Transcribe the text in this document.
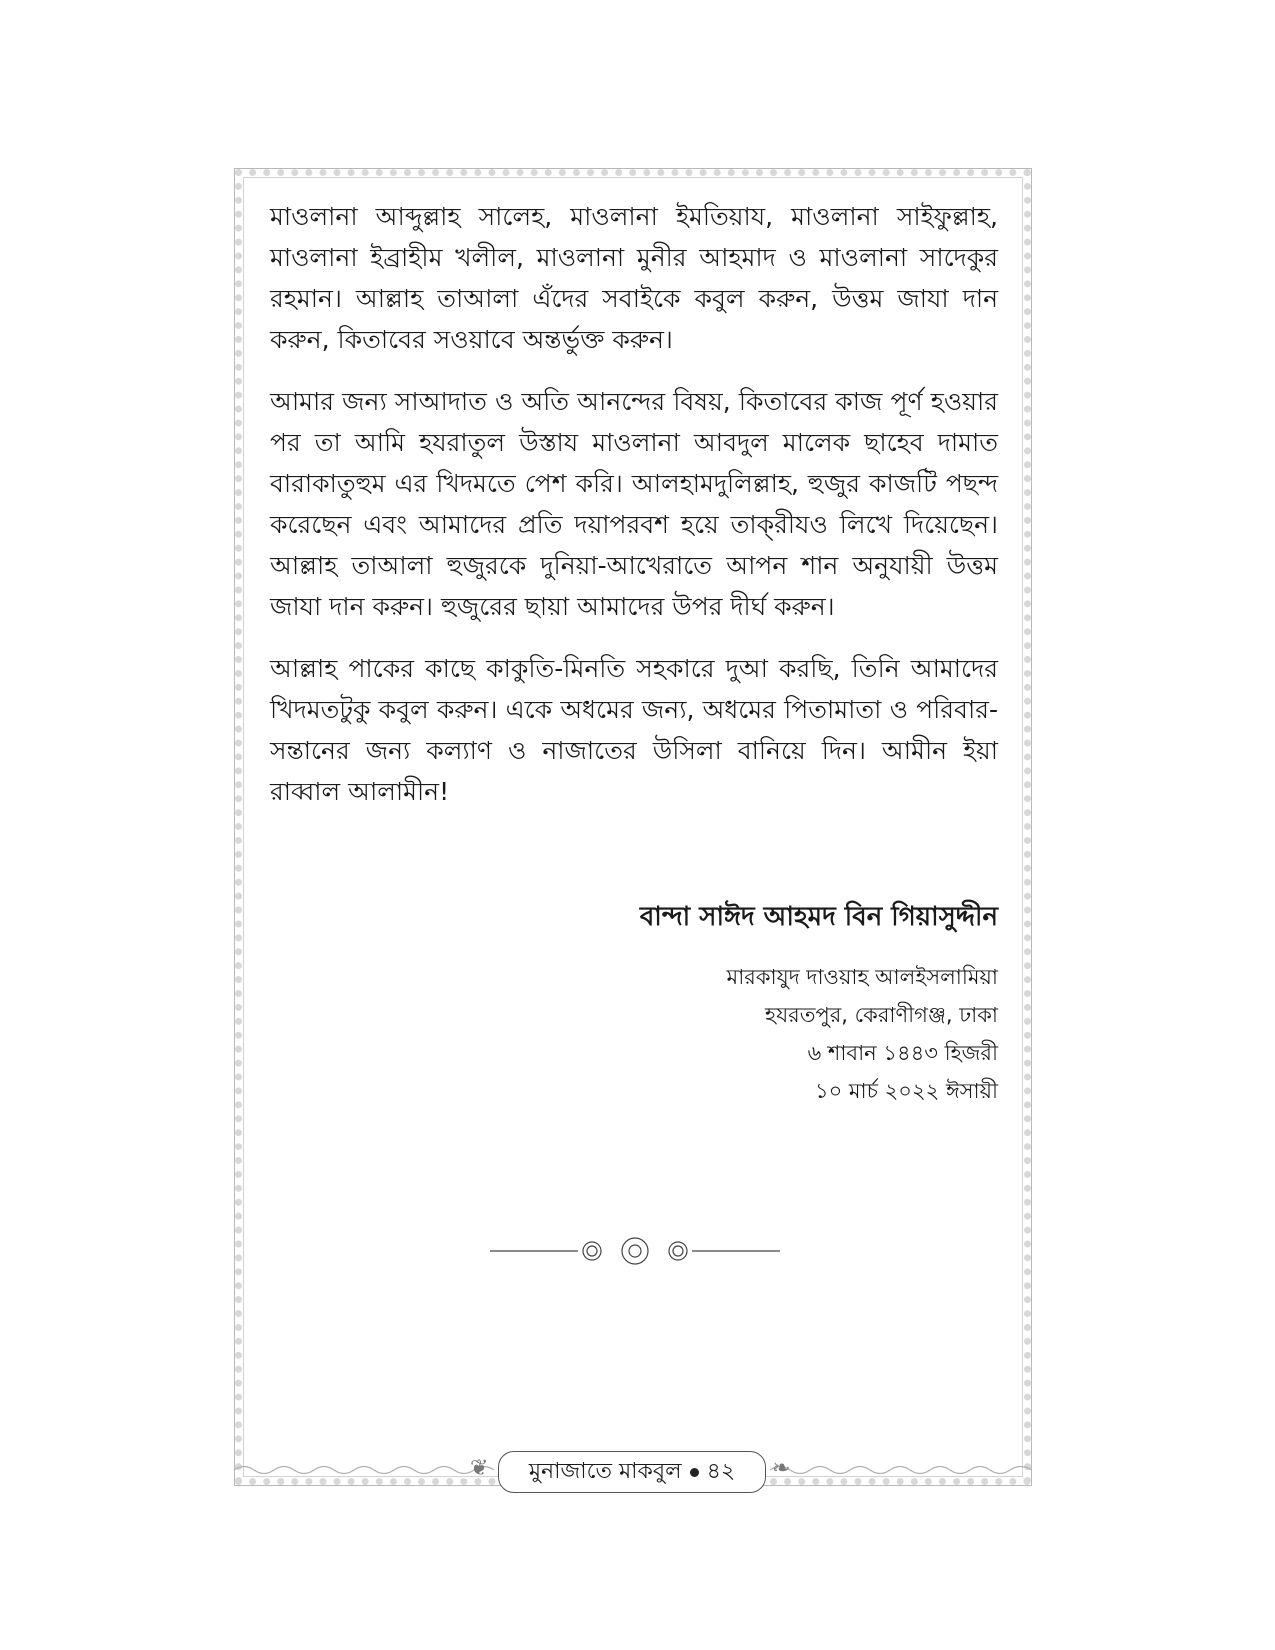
মাওলানা আব্দুল্লাহ সালেহ, মাওলানা ইমতিয়ায, মাওলানা সাইফুল্লাহ, মাওলানা ইব্রাহীম খলীল, মাওলানা মুনীর আহমাদ ও মাওলানা সাদেকুর রহমান। আল্লাহ তাআলা এঁদের সবাইকে কবুল করুন, উত্তম জাযা দান করুন, কিতাবের সওয়াবে অন্তর্ভুক্ত করুন।

আমার জন্য সাআদাত ও অতি আনন্দের বিষয়, কিতাবের কাজ পূর্ণ হওয়ার পর তা আমি হযরাতুল উস্তায মাওলানা আবদুল মালেক ছাহেব দামাত বারাকাতুহুম এর খিদমতে পেশ করি। আলহামদুলিল্লাহ, হুজুর কাজটি পছন্দ করেছেন এবং আমাদের প্রতি দয়াপরবশ হয়ে তাক্‌রীযও লিখে দিয়েছেন। আল্লাহ তাআলা হুজুরকে দুনিয়া-আখেরাতে আপন শান অনুযায়ী উত্তম জাযা দান করুন। হুজুরের ছায়া আমাদের উপর দীর্ঘ করুন।

আল্লাহ পাকের কাছে কাকুতি-মিনতি সহকারে দুআ করছি, তিনি আমাদের খিদমতটুকু কবুল করুন। একে অধমের জন্য, অধমের পিতামাতা ও পরিবার-সন্তানের জন্য কল্যাণ ও নাজাতের উসিলা বানিয়ে দিন। আমীন ইয়া রাব্বাল আলামীন!

বান্দা সাঈদ আহমদ বিন গিয়াসুদ্দীন
মারকাযুদ দাওয়াহ আলইসলামিয়া
হযরতপুর, কেরাণীগঞ্জ, ঢাকা
৬ শাবান ১৪৪৩ হিজরী
১০ মার্চ ২০২২ ঈসায়ী
❦	❧
মুনাজাতে মাকবুল ৪২
